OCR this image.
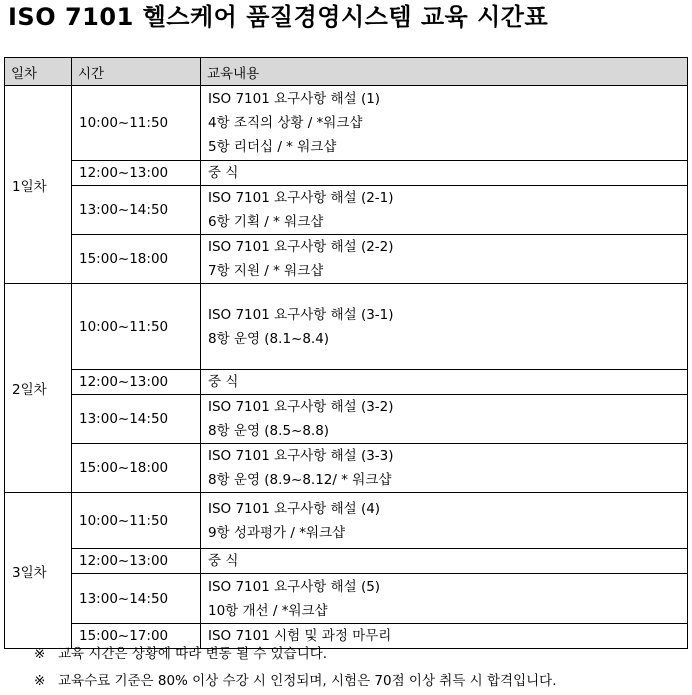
ISO 7101 헬스케어 품질경영시스템 교육 시간표
일차	시간	교육내용
1일차	10:00~11:50	ISO 7101 요구사항 해설 (1)
4항 조직의 상황 / *워크샵
5항 리더십 / * 워크샵

	12:00~13:00	중 식

	13:00~14:50	ISO 7101 요구사항 해설 (2-1)
6항 기획 / * 워크샵

	15:00~18:00	ISO 7101 요구사항 해설 (2-2)
7항 지원 / * 워크샵

2일차	10:00~11:50	ISO 7101 요구사항 해설 (3-1)
8항 운영 (8.1~8.4)

	12:00~13:00	중 식

	13:00~14:50	ISO 7101 요구사항 해설 (3-2)
8항 운영 (8.5~8.8)

	15:00~18:00	ISO 7101 요구사항 해설 (3-3)
8항 운영 (8.9~8.12/ * 워크샵

3일차	10:00~11:50	ISO 7101 요구사항 해설 (4)
9항 성과평가 / *워크샵

	12:00~13:00	중 식

	13:00~14:50	ISO 7101 요구사항 해설 (5)
10항 개선 / *워크샵

	15:00~17:00	ISO 7101 시험 및 과정 마무리
※ 교육 시간은 상황에 따라 변동 될 수 있습니다.
※ 교육수료 기준은 80% 이상 수강 시 인정되며, 시험은 70점 이상 취득 시 합격입니다.
